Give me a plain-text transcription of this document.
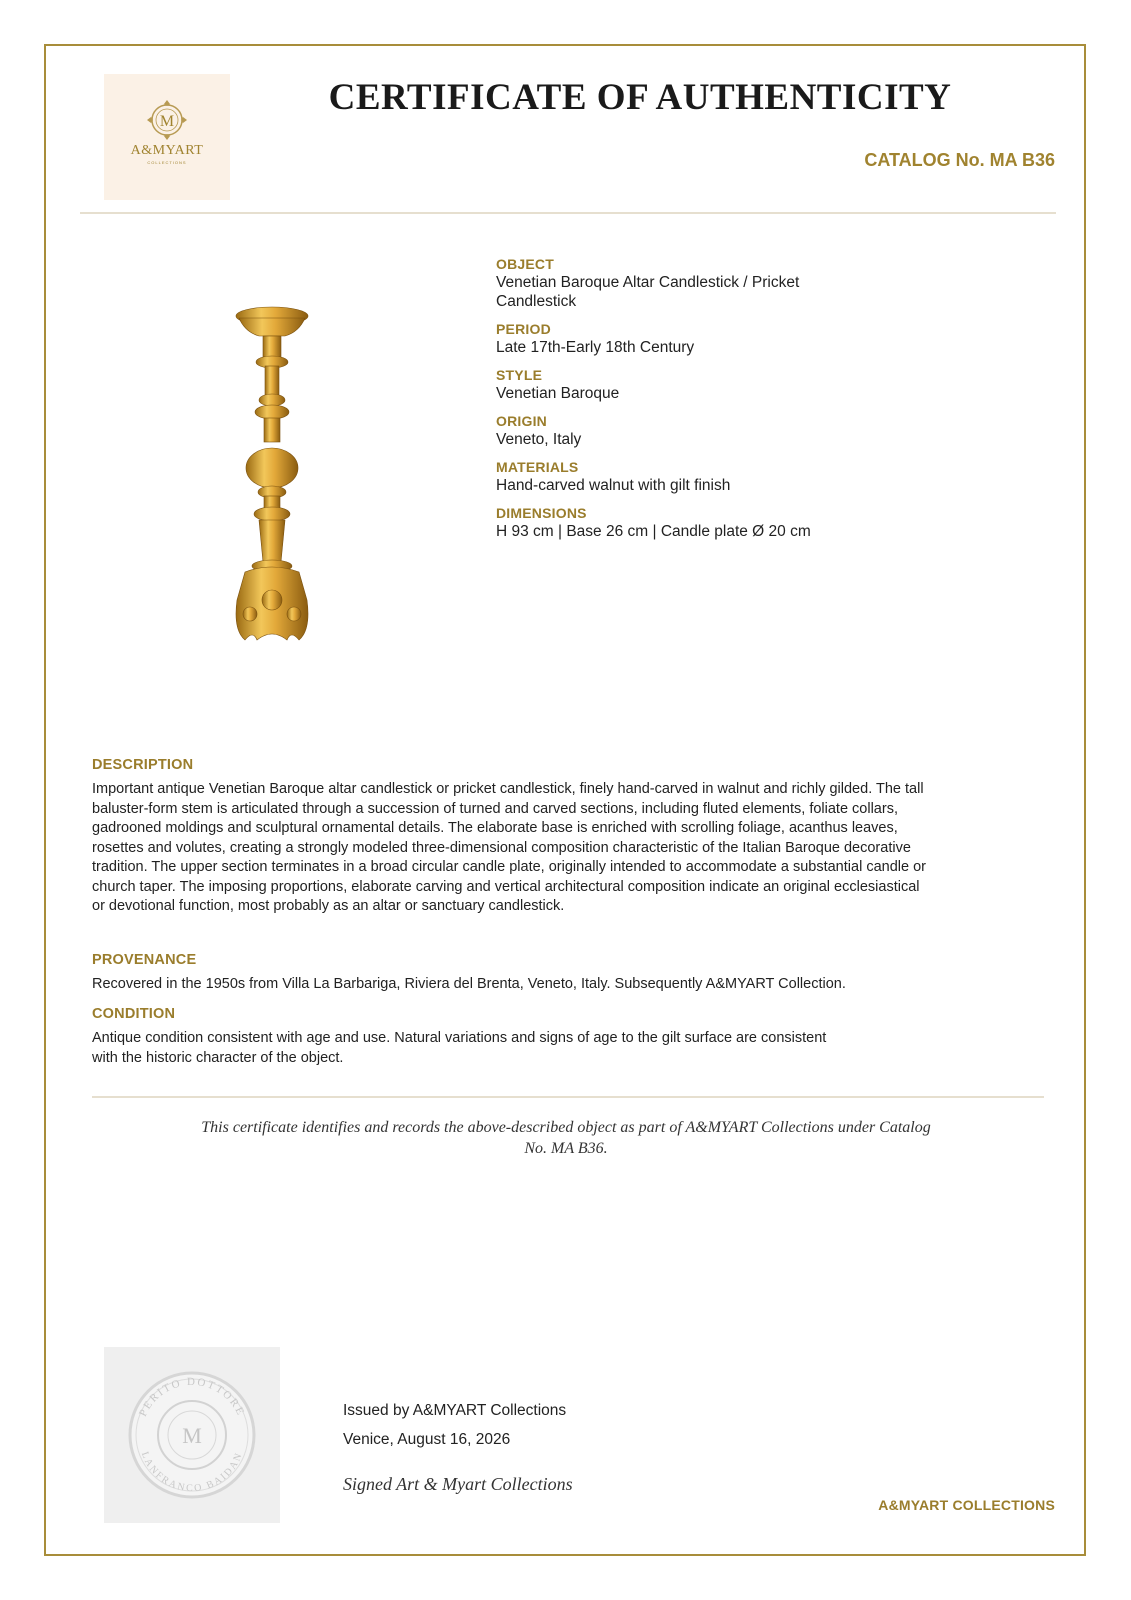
M
A&MYART
COLLECTIONS
CERTIFICATE OF AUTHENTICITY
CATALOG No. MA B36
OBJECT
Venetian Baroque Altar Candlestick / Pricket Candlestick
PERIOD
Late 17th-Early 18th Century
STYLE
Venetian Baroque
ORIGIN
Veneto, Italy
MATERIALS
Hand-carved walnut with gilt finish
DIMENSIONS
H 93 cm | Base 26 cm | Candle plate Ø 20 cm
DESCRIPTION

Important antique Venetian Baroque altar candlestick or pricket candlestick, finely hand-carved in walnut and richly gilded. The tall baluster-form stem is articulated through a succession of turned and carved sections, including fluted elements, foliate collars, gadrooned moldings and sculptural ornamental details. The elaborate base is enriched with scrolling foliage, acanthus leaves, rosettes and volutes, creating a strongly modeled three-dimensional composition characteristic of the Italian Baroque decorative tradition. The upper section terminates in a broad circular candle plate, originally intended to accommodate a substantial candle or church taper. The imposing proportions, elaborate carving and vertical architectural composition indicate an original ecclesiastical or devotional function, most probably as an altar or sanctuary candlestick.

PROVENANCE

Recovered in the 1950s from Villa La Barbariga, Riviera del Brenta, Veneto, Italy. Subsequently A&MYART Collection.

CONDITION

Antique condition consistent with age and use. Natural variations and signs of age to the gilt surface are consistent with the historic character of the object.

This certificate identifies and records the above-described object as part of A&MYART Collections under Catalog No. MA B36.

PERITO DOTTORE
LANFRANCO BAIDAN
M
Issued by A&MYART Collections
Venice, August 16, 2026
Signed Art & Myart Collections
A&MYART COLLECTIONS
